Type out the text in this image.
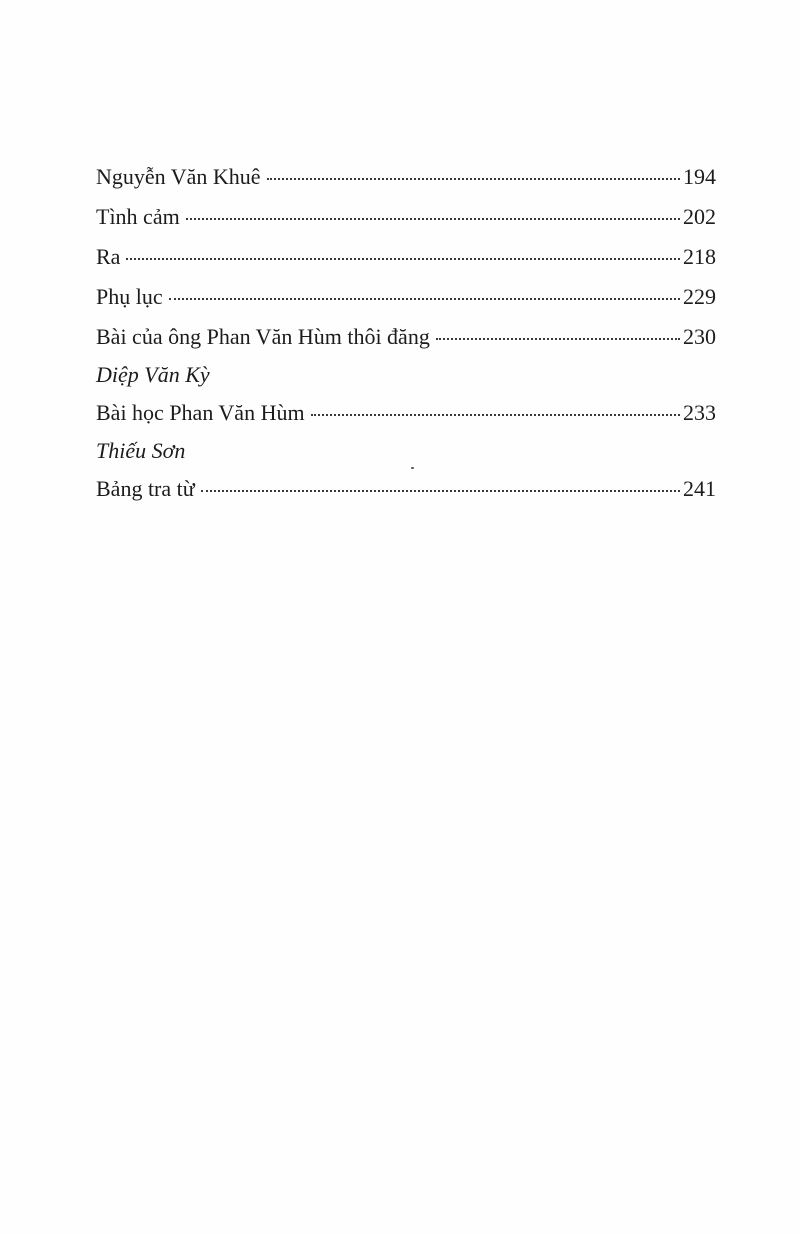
Nguyễn Văn Khuê	194
Tình cảm	202
Ra	218
Phụ lục	229
Bài của ông Phan Văn Hùm thôi đăng	230
Diệp Văn Kỳ
Bài học Phan Văn Hùm	233
Thiếu Sơn
Bảng tra từ	241
